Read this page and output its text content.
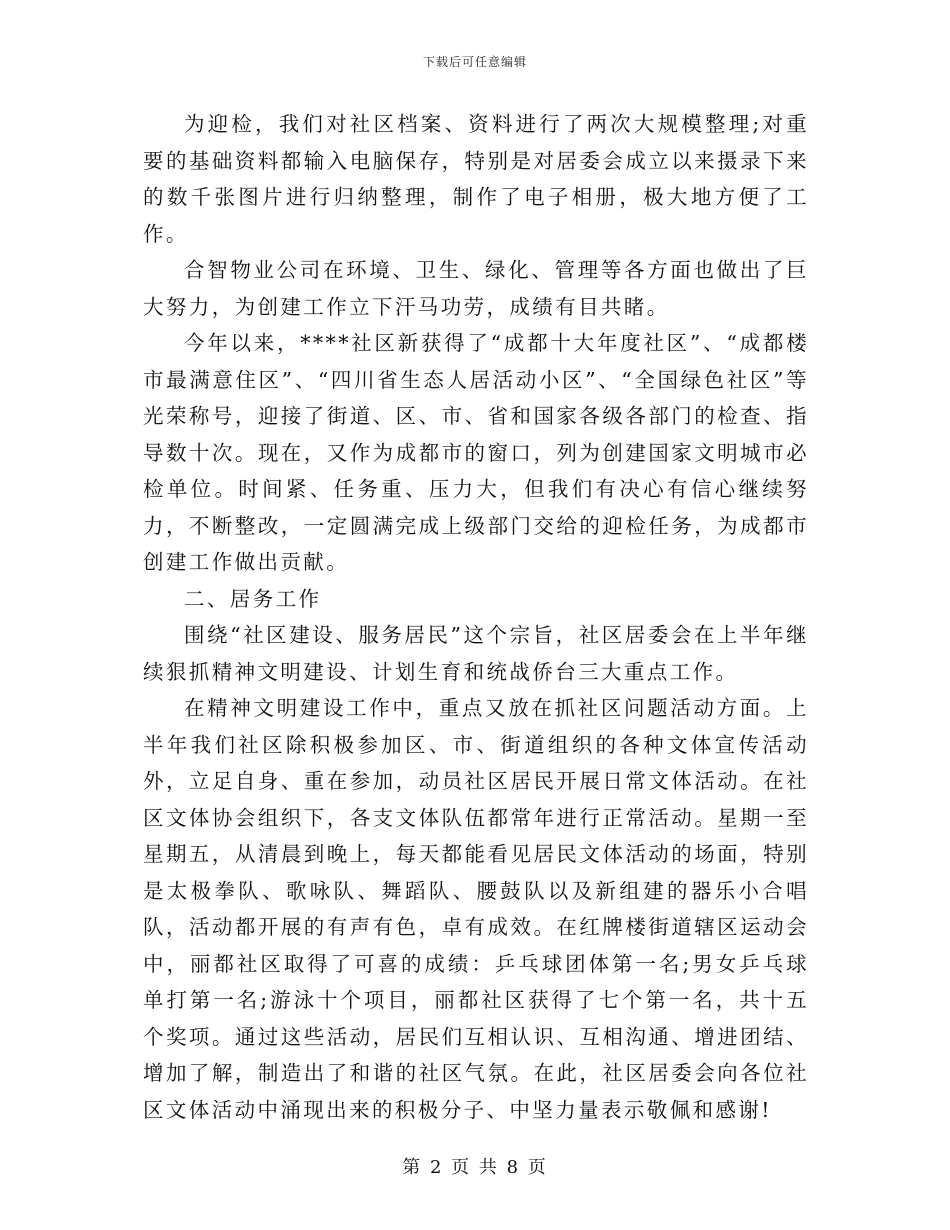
下载后可任意编辑

为迎检，我们对社区档案、资料进行了两次大规模整理;对重要的基础资料都输入电脑保存，特别是对居委会成立以来摄录下来的数千张图片进行归纳整理，制作了电子相册，极大地方便了工作。

合智物业公司在环境、卫生、绿化、管理等各方面也做出了巨大努力，为创建工作立下汗马功劳，成绩有目共睹。

今年以来，****社区新获得了“成都十大年度社区”、“成都楼市最满意住区”、“四川省生态人居活动小区”、“全国绿色社区”等光荣称号，迎接了街道、区、市、省和国家各级各部门的检查、指导数十次。现在，又作为成都市的窗口，列为创建国家文明城市必检单位。时间紧、任务重、压力大，但我们有决心有信心继续努力，不断整改，一定圆满完成上级部门交给的迎检任务，为成都市创建工作做出贡献。

二、居务工作

围绕“社区建设、服务居民”这个宗旨，社区居委会在上半年继续狠抓精神文明建设、计划生育和统战侨台三大重点工作。

在精神文明建设工作中，重点又放在抓社区问题活动方面。上半年我们社区除积极参加区、市、街道组织的各种文体宣传活动外，立足自身、重在参加，动员社区居民开展日常文体活动。在社区文体协会组织下，各支文体队伍都常年进行正常活动。星期一至星期五，从清晨到晚上，每天都能看见居民文体活动的场面，特别是太极拳队、歌咏队、舞蹈队、腰鼓队以及新组建的器乐小合唱队，活动都开展的有声有色，卓有成效。在红牌楼街道辖区运动会中，丽都社区取得了可喜的成绩：乒乓球团体第一名;男女乒乓球单打第一名;游泳十个项目，丽都社区获得了七个第一名，共十五个奖项。通过这些活动，居民们互相认识、互相沟通、增进团结、增加了解，制造出了和谐的社区气氛。在此，社区居委会向各位社区文体活动中涌现出来的积极分子、中坚力量表示敬佩和感谢!

第 2 页 共 8 页
